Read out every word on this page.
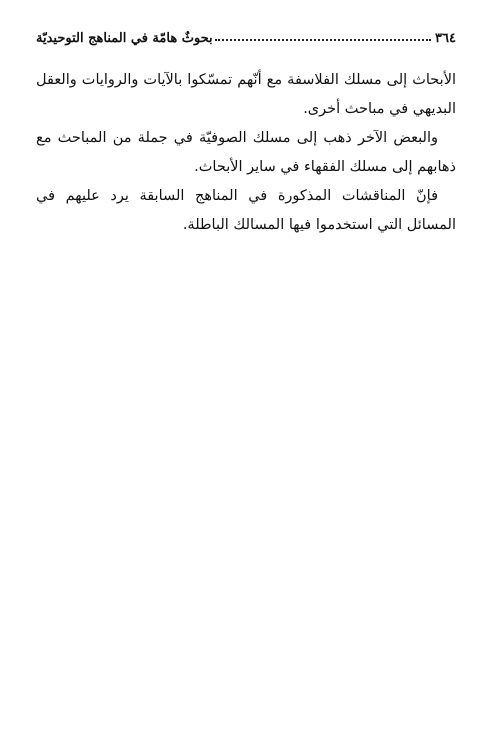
٣٦٤
بحوثٌ هامّة في المناهج التوحيديّة

الأبحاث إلى مسلك الفلاسفة مع أنّهم تمسّكوا بالآيات والروايات والعقل البديهي في مباحث أخرى.

والبعض الآخر ذهب إلى مسلك الصوفيّة في جملة من المباحث مع ذهابهم إلى مسلك الفقهاء في ساير الأبحاث.

فإنّ المناقشات المذكورة في المناهج السابقة يرد عليهم في المسائل التي استخدموا فيها المسالك الباطلة.
